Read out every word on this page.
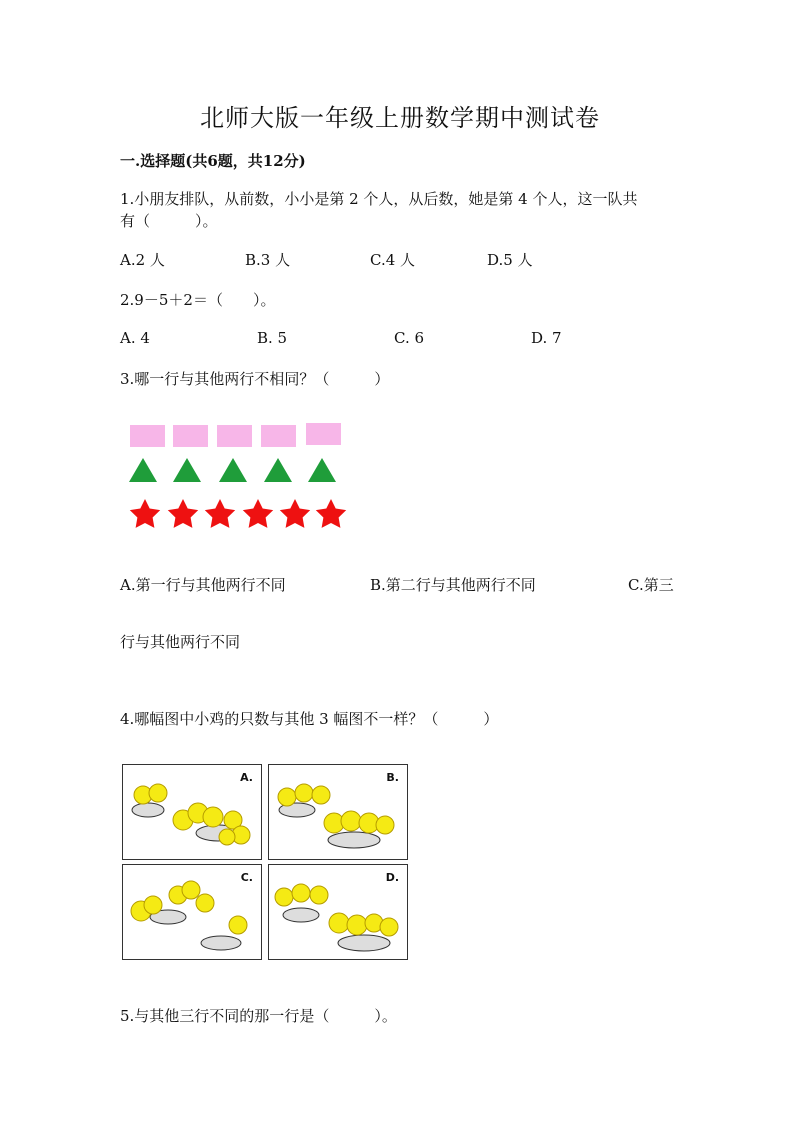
北师大版一年级上册数学期中测试卷
一.选择题(共6题，共12分)
1.小朋友排队，从前数，小小是第 2 个人，从后数，她是第 4 个人，这一队共
有（　　　）。
A.2 人	B.3 人	C.4 人	D.5 人
2.9－5＋2＝（　　）。
A. 4	B. 5	C. 6	D. 7
3.哪一行与其他两行不相同？（　　　）
A.第一行与其他两行不同	B.第二行与其他两行不同	C.第三
行与其他两行不同
4.哪幅图中小鸡的只数与其他 3 幅图不一样？（　　　）
A.	B.
C.	D.
5.与其他三行不同的那一行是（　　　）。
